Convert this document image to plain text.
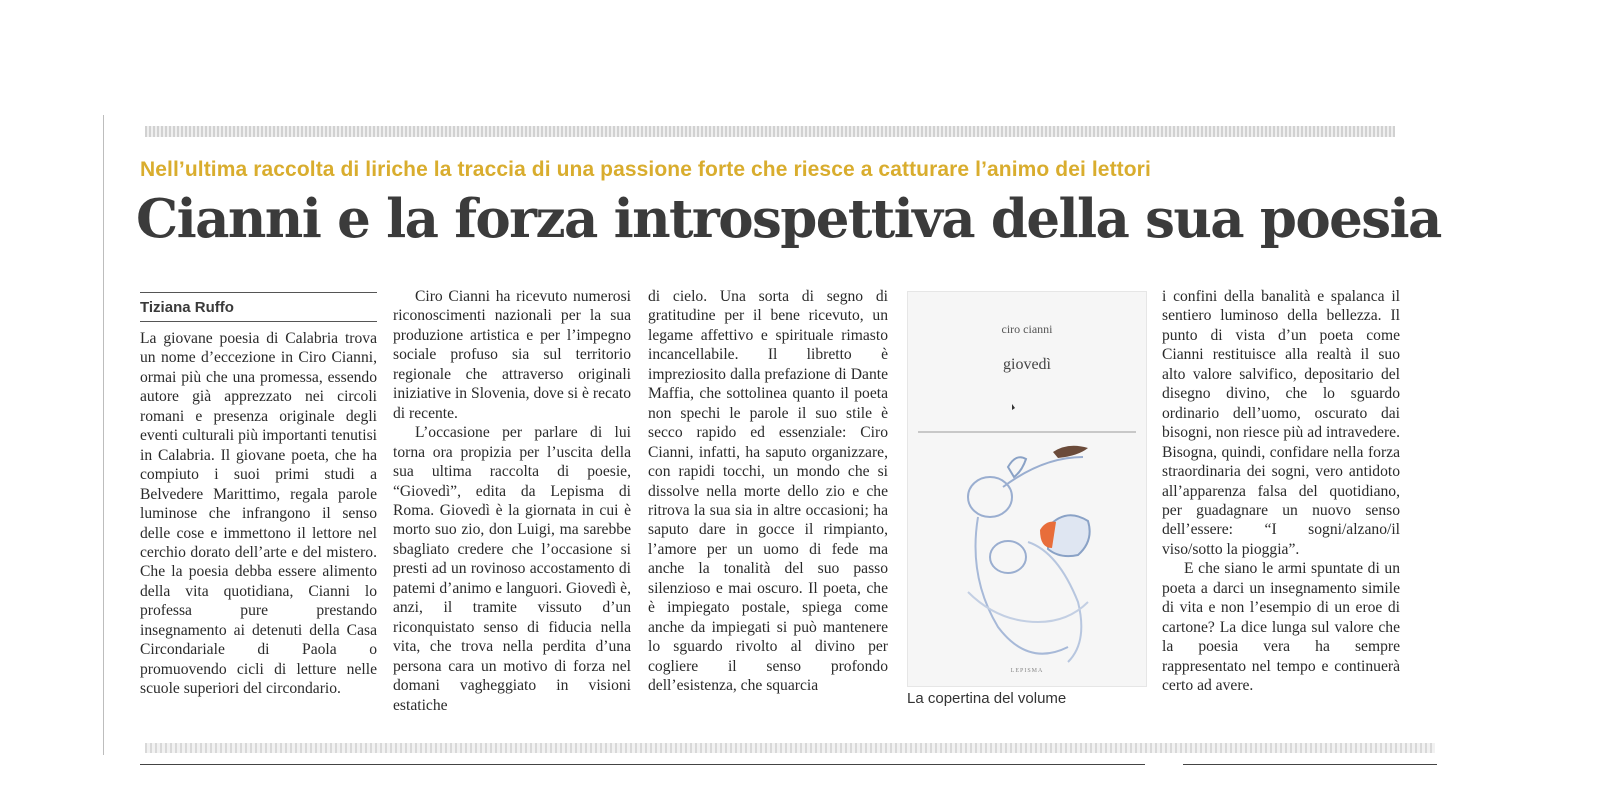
Nell’ultima raccolta di liriche la traccia di una passione forte che riesce a catturare l’animo dei lettori
Cianni e la forza introspettiva della sua poesia
Tiziana Ruffo

La giovane poesia di Calabria trova un nome d’eccezione in Ciro Cianni, ormai più che una promessa, essendo autore già apprezzato nei circoli romani e presenza originale degli eventi culturali più importanti tenutisi in Calabria. Il giovane poeta, che ha compiuto i suoi primi studi a Belvedere Marittimo, regala parole luminose che infrangono il senso delle cose e immettono il lettore nel cerchio dorato dell’arte e del mistero. Che la poesia debba essere alimento della vita quotidiana, Cianni lo professa pure prestando insegnamento ai detenuti della Casa Circondariale di Paola o promuovendo cicli di letture nelle scuole superiori del circondario.

Ciro Cianni ha ricevuto numerosi riconoscimenti nazionali per la sua produzione artistica e per l’impegno sociale profuso sia sul territorio regionale che attraverso originali iniziative in Slovenia, dove si è recato di recente.

L’occasione per parlare di lui torna ora propizia per l’uscita della sua ultima raccolta di poesie, “Giovedì”, edita da Lepisma di Roma. Giovedì è la giornata in cui è morto suo zio, don Luigi, ma sarebbe sbagliato credere che l’occasione si presti ad un rovinoso accostamento di patemi d’animo e languori. Giovedì è, anzi, il tramite vissuto d’un riconquistato senso di fiducia nella vita, che trova nella perdita d’una persona cara un motivo di forza nel domani vagheggiato in visioni estatiche

di cielo. Una sorta di segno di gratitudine per il bene ricevuto, un legame affettivo e spirituale rimasto incancellabile. Il libretto è impreziosito dalla prefazione di Dante Maffia, che sottolinea quanto il poeta non spechi le parole il suo stile è secco rapido ed essenziale: Ciro Cianni, infatti, ha saputo organizzare, con rapidi tocchi, un mondo che si dissolve nella morte dello zio e che ritrova la sua sia in altre occasioni; ha saputo dare in gocce il rimpianto, l’amore per un uomo di fede ma anche la tonalità del suo passo silenzioso e mai oscuro. Il poeta, che è impiegato postale, spiega come anche da impiegati si può mantenere lo sguardo rivolto al divino per cogliere il senso profondo dell’esistenza, che squarcia

ciro cianni
giovedì
LEPISMA
La copertina del volume

i confini della banalità e spalanca il sentiero luminoso della bellezza. Il punto di vista d’un poeta come Cianni restituisce alla realtà il suo alto valore salvifico, depositario del disegno divino, che lo sguardo ordinario dell’uomo, oscurato dai bisogni, non riesce più ad intravedere. Bisogna, quindi, confidare nella forza straordinaria dei sogni, vero antidoto all’apparenza falsa del quotidiano, per guadagnare un nuovo senso dell’essere: “I sogni/alzano/il viso/sotto la pioggia”.

E che siano le armi spuntate di un poeta a darci un insegnamento simile di vita e non l’esempio di un eroe di cartone? La dice lunga sul valore che la poesia vera ha sempre rappresentato nel tempo e continuerà certo ad avere.
